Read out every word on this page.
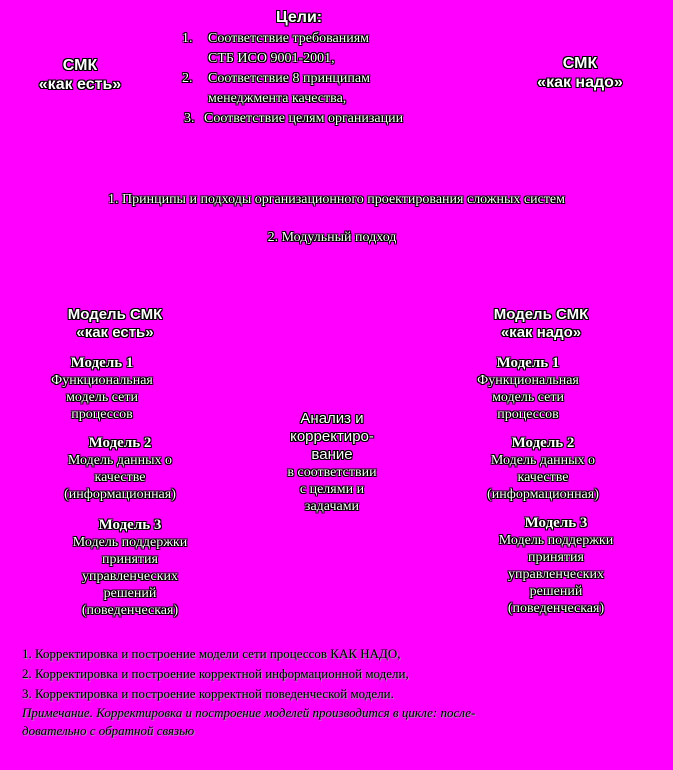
СМК
«как есть»
СМК
«как надо»
Цели:
1.	Соответствие требованиям
СТБ ИСО 9001-2001,
2.	Соответствие 8 принципам
менеджмента качества,
3. Соответствие целям организации
1. Принципы и подходы организационного проектирования сложных систем
2. Модульный подход
Модель СМК
«как есть»
Модель 1
Функциональная
модель сети
процессов
Модель 2
Модель данных о
качестве
(информационная)
Модель 3
Модель поддержки
принятия
управленческих
решений
(поведенческая)
Анализ и
корректиро-
вание
в соответствии
с целями и
задачами
Модель СМК
«как надо»
Модель 1
Функциональная
модель сети
процессов
Модель 2
Модель данных о
качестве
(информационная)
Модель 3
Модель поддержки
принятия
управленческих
решений
(поведенческая)
1. Корректировка и построение модели сети процессов КАК НАДО,
2. Корректировка и построение корректной информационной модели,
3. Корректировка и построение корректной поведенческой модели.
Примечание. Корректировка и построение моделей производится в цикле: после-
довательно с обратной связью
